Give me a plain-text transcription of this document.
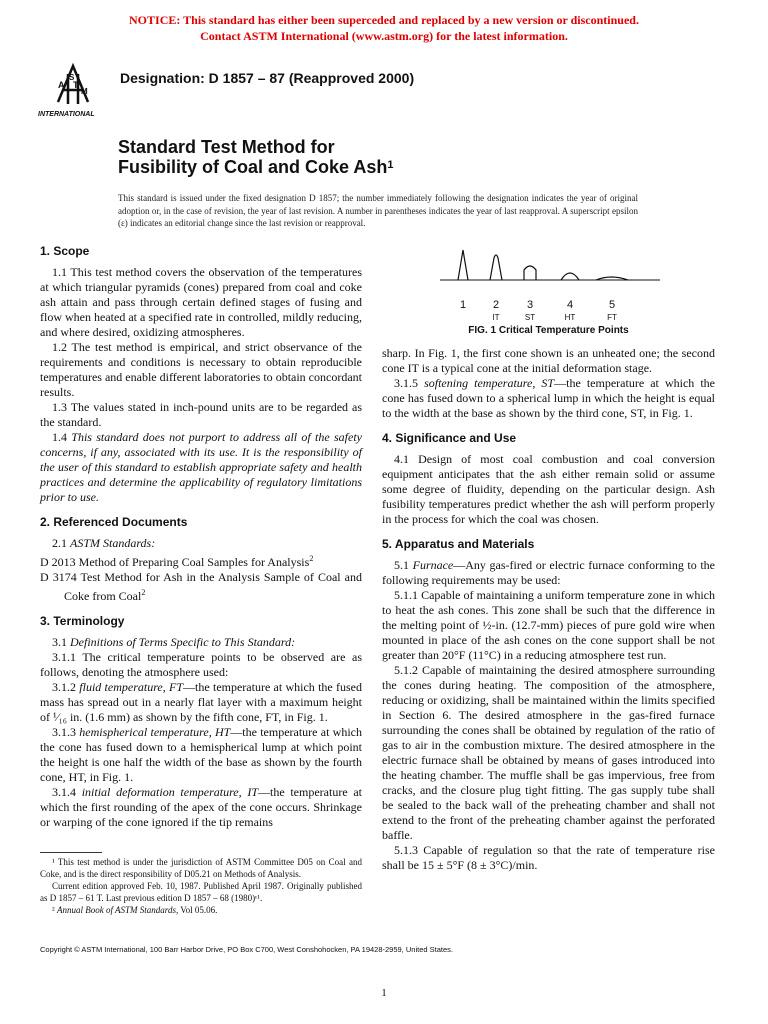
NOTICE: This standard has either been superceded and replaced by a new version or discontinued.
Contact ASTM International (www.astm.org) for the latest information.
A T
S
M
INTERNATIONAL
Designation: D 1857 – 87 (Reapproved 2000)
Standard Test Method for
Fusibility of Coal and Coke Ash$^1$
This standard is issued under the fixed designation D 1857; the number immediately following the designation indicates the year of original adoption or, in the case of revision, the year of last revision. A number in parentheses indicates the year of last reapproval. A superscript epsilon (ε) indicates an editorial change since the last revision or reapproval.
1. Scope

1.1 This test method covers the observation of the temperatures at which triangular pyramids (cones) prepared from coal and coke ash attain and pass through certain defined stages of fusing and flow when heated at a specified rate in controlled, mildly reducing, and where desired, oxidizing atmospheres.

1.2 The test method is empirical, and strict observance of the requirements and conditions is necessary to obtain reproducible temperatures and enable different laboratories to obtain concordant results.

1.3 The values stated in inch-pound units are to be regarded as the standard.

1.4 This standard does not purport to address all of the safety concerns, if any, associated with its use. It is the responsibility of the user of this standard to establish appropriate safety and health practices and determine the applicability of regulatory limitations prior to use.

2. Referenced Documents

2.1 ASTM Standards:

D 2013 Method of Preparing Coal Samples for Analysis$^2$

D 3174 Test Method for Ash in the Analysis Sample of Coal and Coke from Coal$^2$

3. Terminology

3.1 Definitions of Terms Specific to This Standard:

3.1.1 The critical temperature points to be observed are as follows, denoting the atmosphere used:

3.1.2 fluid temperature, FT—the temperature at which the fused mass has spread out in a nearly flat layer with a maximum height of ¹⁄₁₆ in. (1.6 mm) as shown by the fifth cone, FT, in Fig. 1.

3.1.3 hemispherical temperature, HT—the temperature at which the cone has fused down to a hemispherical lump at which point the height is one half the width of the base as shown by the fourth cone, HT, in Fig. 1.

3.1.4 initial deformation temperature, IT—the temperature at which the first rounding of the apex of the cone occurs. Shrinkage or warping of the cone ignored if the tip remains

1 2	3	4	5
IT	ST	HT	FT
FIG. 1 Critical Temperature Points

sharp. In Fig. 1, the first cone shown is an unheated one; the second cone IT is a typical cone at the initial deformation stage.

3.1.5 softening temperature, ST—the temperature at which the cone has fused down to a spherical lump in which the height is equal to the width at the base as shown by the third cone, ST, in Fig. 1.

4. Significance and Use

4.1 Design of most coal combustion and coal conversion equipment anticipates that the ash either remain solid or assume some degree of fluidity, depending on the particular design. Ash fusibility temperatures predict whether the ash will perform properly in the process for which the coal was chosen.

5. Apparatus and Materials

5.1 Furnace—Any gas-fired or electric furnace conforming to the following requirements may be used:

5.1.1 Capable of maintaining a uniform temperature zone in which to heat the ash cones. This zone shall be such that the difference in the melting point of ½-in. (12.7-mm) pieces of pure gold wire when mounted in place of the ash cones on the cone support shall be not greater than 20°F (11°C) in a reducing atmosphere test run.

5.1.2 Capable of maintaining the desired atmosphere surrounding the cones during heating. The composition of the atmosphere, reducing or oxidizing, shall be maintained within the limits specified in Section 6. The desired atmosphere in the gas-fired furnace surrounding the cones shall be obtained by regulation of the ratio of gas to air in the combustion mixture. The desired atmosphere in the electric furnace shall be obtained by means of gases introduced into the heating chamber. The muffle shall be gas impervious, free from cracks, and the closure plug tight fitting. The gas supply tube shall be sealed to the back wall of the preheating chamber and shall not extend to the front of the preheating chamber against the perforated baffle.

5.1.3 Capable of regulation so that the rate of temperature rise shall be 15 ± 5°F (8 ± 3°C)/min.

¹ This test method is under the jurisdiction of ASTM Committee D05 on Coal and Coke, and is the direct responsibility of D05.21 on Methods of Analysis.

Current edition approved Feb. 10, 1987. Published April 1987. Originally published as D 1857 – 61 T. Last previous edition D 1857 – 68 (1980)ᵋ¹.

² Annual Book of ASTM Standards, Vol 05.06.

Copyright © ASTM International, 100 Barr Harbor Drive, PO Box C700, West Conshohocken, PA 19428-2959, United States.
1
